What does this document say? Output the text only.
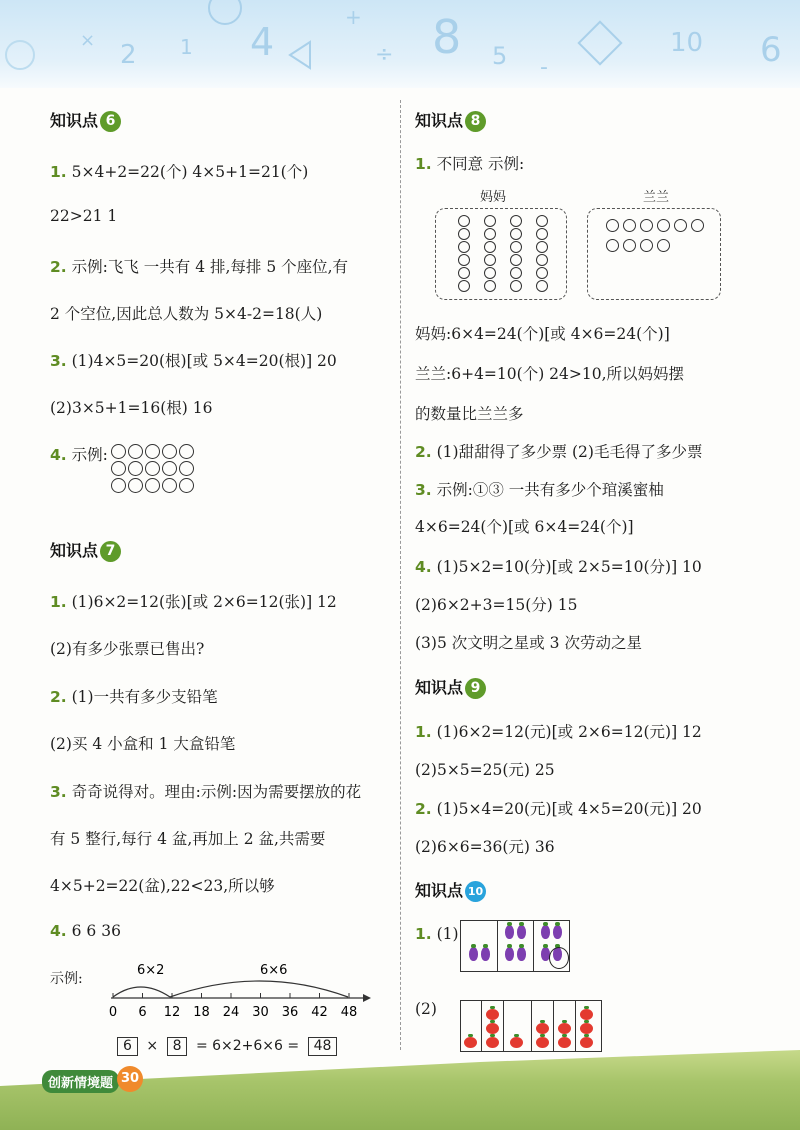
2	4
1	÷ 8 5	10 6
×
+
-
知识点 6
1. 5×4+2=22(个) 4×5+1=21(个)
22>21 1
2. 示例:飞飞 一共有 4 排,每排 5 个座位,有
2 个空位,因此总人数为 5×4-2=18(人)
3. (1)4×5=20(根)[或 5×4=20(根)] 20
(2)3×5+1=16(根) 16
4. 示例:
知识点 7
1. (1)6×2=12(张)[或 2×6=12(张)] 12
(2)有多少张票已售出?
2. (1)一共有多少支铅笔
(2)买 4 小盒和 1 大盒铅笔
3. 奇奇说得对。理由:示例:因为需要摆放的花
有 5 整行,每行 4 盆,再加上 2 盆,共需要
4×5+2=22(盆),22<23,所以够
4. 6 6 36
示例:
6×2	6×6
0 6 12 18 24 30 36 42 48
6 × 8 = 6×2+6×6 = 48
知识点 8
1. 不同意 示例:
妈妈	兰兰
妈妈:6×4=24(个)[或 4×6=24(个)]
兰兰:6+4=10(个) 24>10,所以妈妈摆
的数量比兰兰多
2. (1)甜甜得了多少票 (2)毛毛得了多少票
3. 示例:①③ 一共有多少个琯溪蜜柚
4×6=24(个)[或 6×4=24(个)]
4. (1)5×2=10(分)[或 2×5=10(分)] 10
(2)6×2+3=15(分) 15
(3)5 次文明之星或 3 次劳动之星
知识点 9
1. (1)6×2=12(元)[或 2×6=12(元)] 12
(2)5×5=25(元) 25
2. (1)5×4=20(元)[或 4×5=20(元)] 20
(2)6×6=36(元) 36
知识点 10
1. (1)
(2)
创新情境题 30
